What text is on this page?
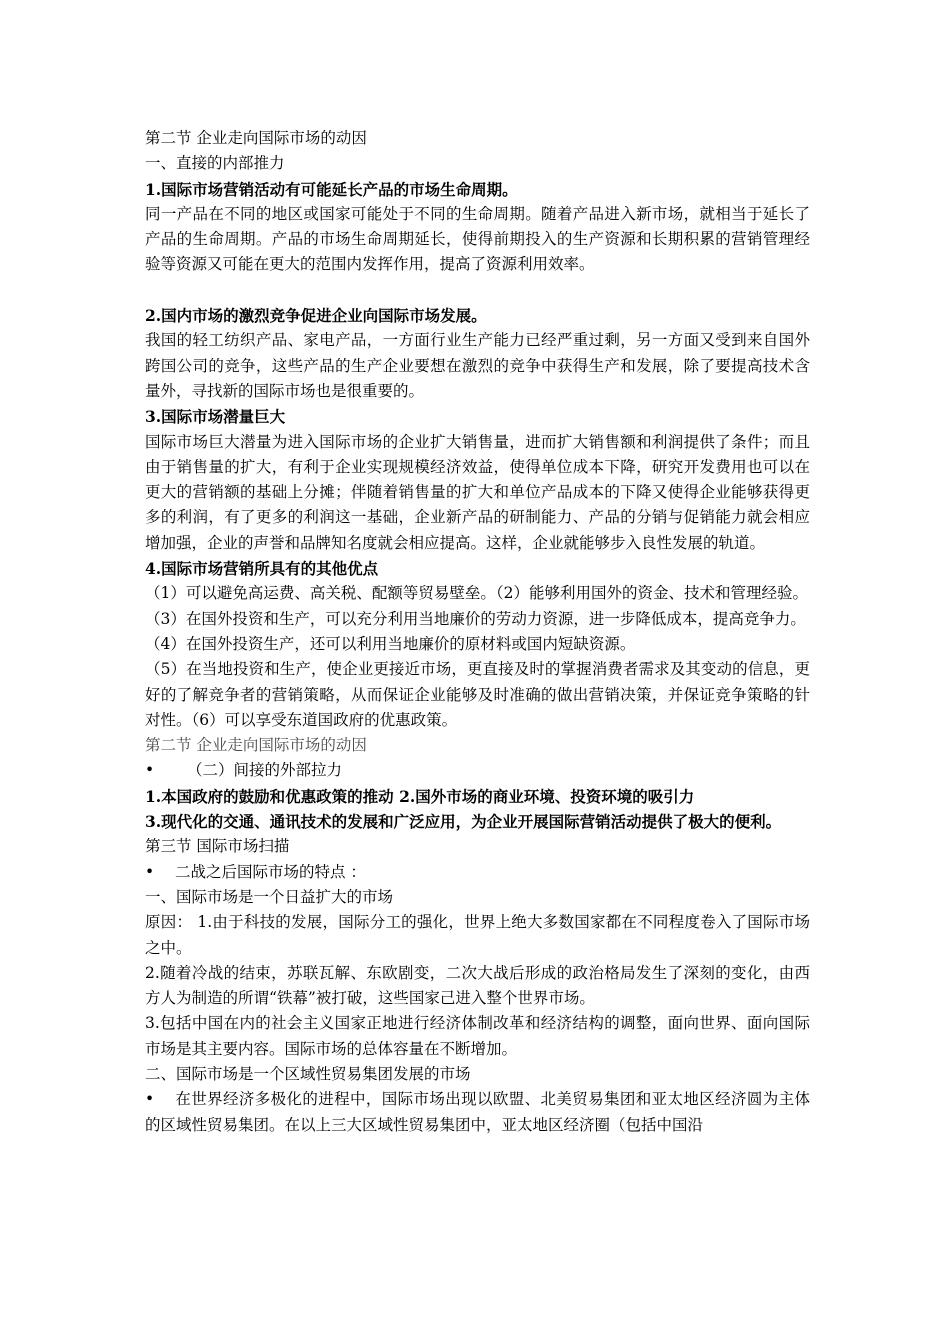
第二节 企业走向国际市场的动因
一、直接的内部推力
1.国际市场营销活动有可能延长产品的市场生命周期。
同一产品在不同的地区或国家可能处于不同的生命周期。随着产品进入新市场，就相当于延长了产品的生命周期。产品的市场生命周期延长，使得前期投入的生产资源和长期积累的营销管理经验等资源又可能在更大的范围内发挥作用，提高了资源利用效率。
2.国内市场的激烈竞争促进企业向国际市场发展。
我国的轻工纺织产品、家电产品，一方面行业生产能力已经严重过剩，另一方面又受到来自国外跨国公司的竞争，这些产品的生产企业要想在激烈的竞争中获得生产和发展，除了要提高技术含量外，寻找新的国际市场也是很重要的。
3.国际市场潜量巨大
国际市场巨大潜量为进入国际市场的企业扩大销售量，进而扩大销售额和利润提供了条件；而且由于销售量的扩大，有利于企业实现规模经济效益，使得单位成本下降，研究开发费用也可以在更大的营销额的基础上分摊；伴随着销售量的扩大和单位产品成本的下降又使得企业能够获得更多的利润，有了更多的利润这一基础，企业新产品的研制能力、产品的分销与促销能力就会相应增加强，企业的声誉和品牌知名度就会相应提高。这样，企业就能够步入良性发展的轨道。
4.国际市场营销所具有的其他优点
（1）可以避免高运费、高关税、配额等贸易壁垒。（2）能够利用国外的资金、技术和管理经验。
（3）在国外投资和生产，可以充分利用当地廉价的劳动力资源，进一步降低成本，提高竞争力。
（4）在国外投资生产，还可以利用当地廉价的原材料或国内短缺资源。
（5）在当地投资和生产，使企业更接近市场，更直接及时的掌握消费者需求及其变动的信息，更好的了解竞争者的营销策略，从而保证企业能够及时准确的做出营销决策，并保证竞争策略的针对性。（6）可以享受东道国政府的优惠政策。
第二节 企业走向国际市场的动因
• （二）间接的外部拉力
1.本国政府的鼓励和优惠政策的推动 2.国外市场的商业环境、投资环境的吸引力
3.现代化的交通、通讯技术的发展和广泛应用，为企业开展国际营销活动提供了极大的便利。
第三节 国际市场扫描
• 二战之后国际市场的特点 ：
一、国际市场是一个日益扩大的市场
原因： 1.由于科技的发展，国际分工的强化，世界上绝大多数国家都在不同程度卷入了国际市场之中。
2.随着冷战的结束，苏联瓦解、东欧剧变，二次大战后形成的政治格局发生了深刻的变化，由西方人为制造的所谓“铁幕”被打破，这些国家己进入整个世界市场。
3.包括中国在内的社会主义国家正地进行经济体制改革和经济结构的调整，面向世界、面向国际市场是其主要内容。国际市场的总体容量在不断增加。
二、国际市场是一个区域性贸易集团发展的市场
• 在世界经济多极化的进程中，国际市场出现以欧盟、北美贸易集团和亚太地区经济圆为主体的区域性贸易集团。在以上三大区域性贸易集团中，亚太地区经济圈（包括中国沿
